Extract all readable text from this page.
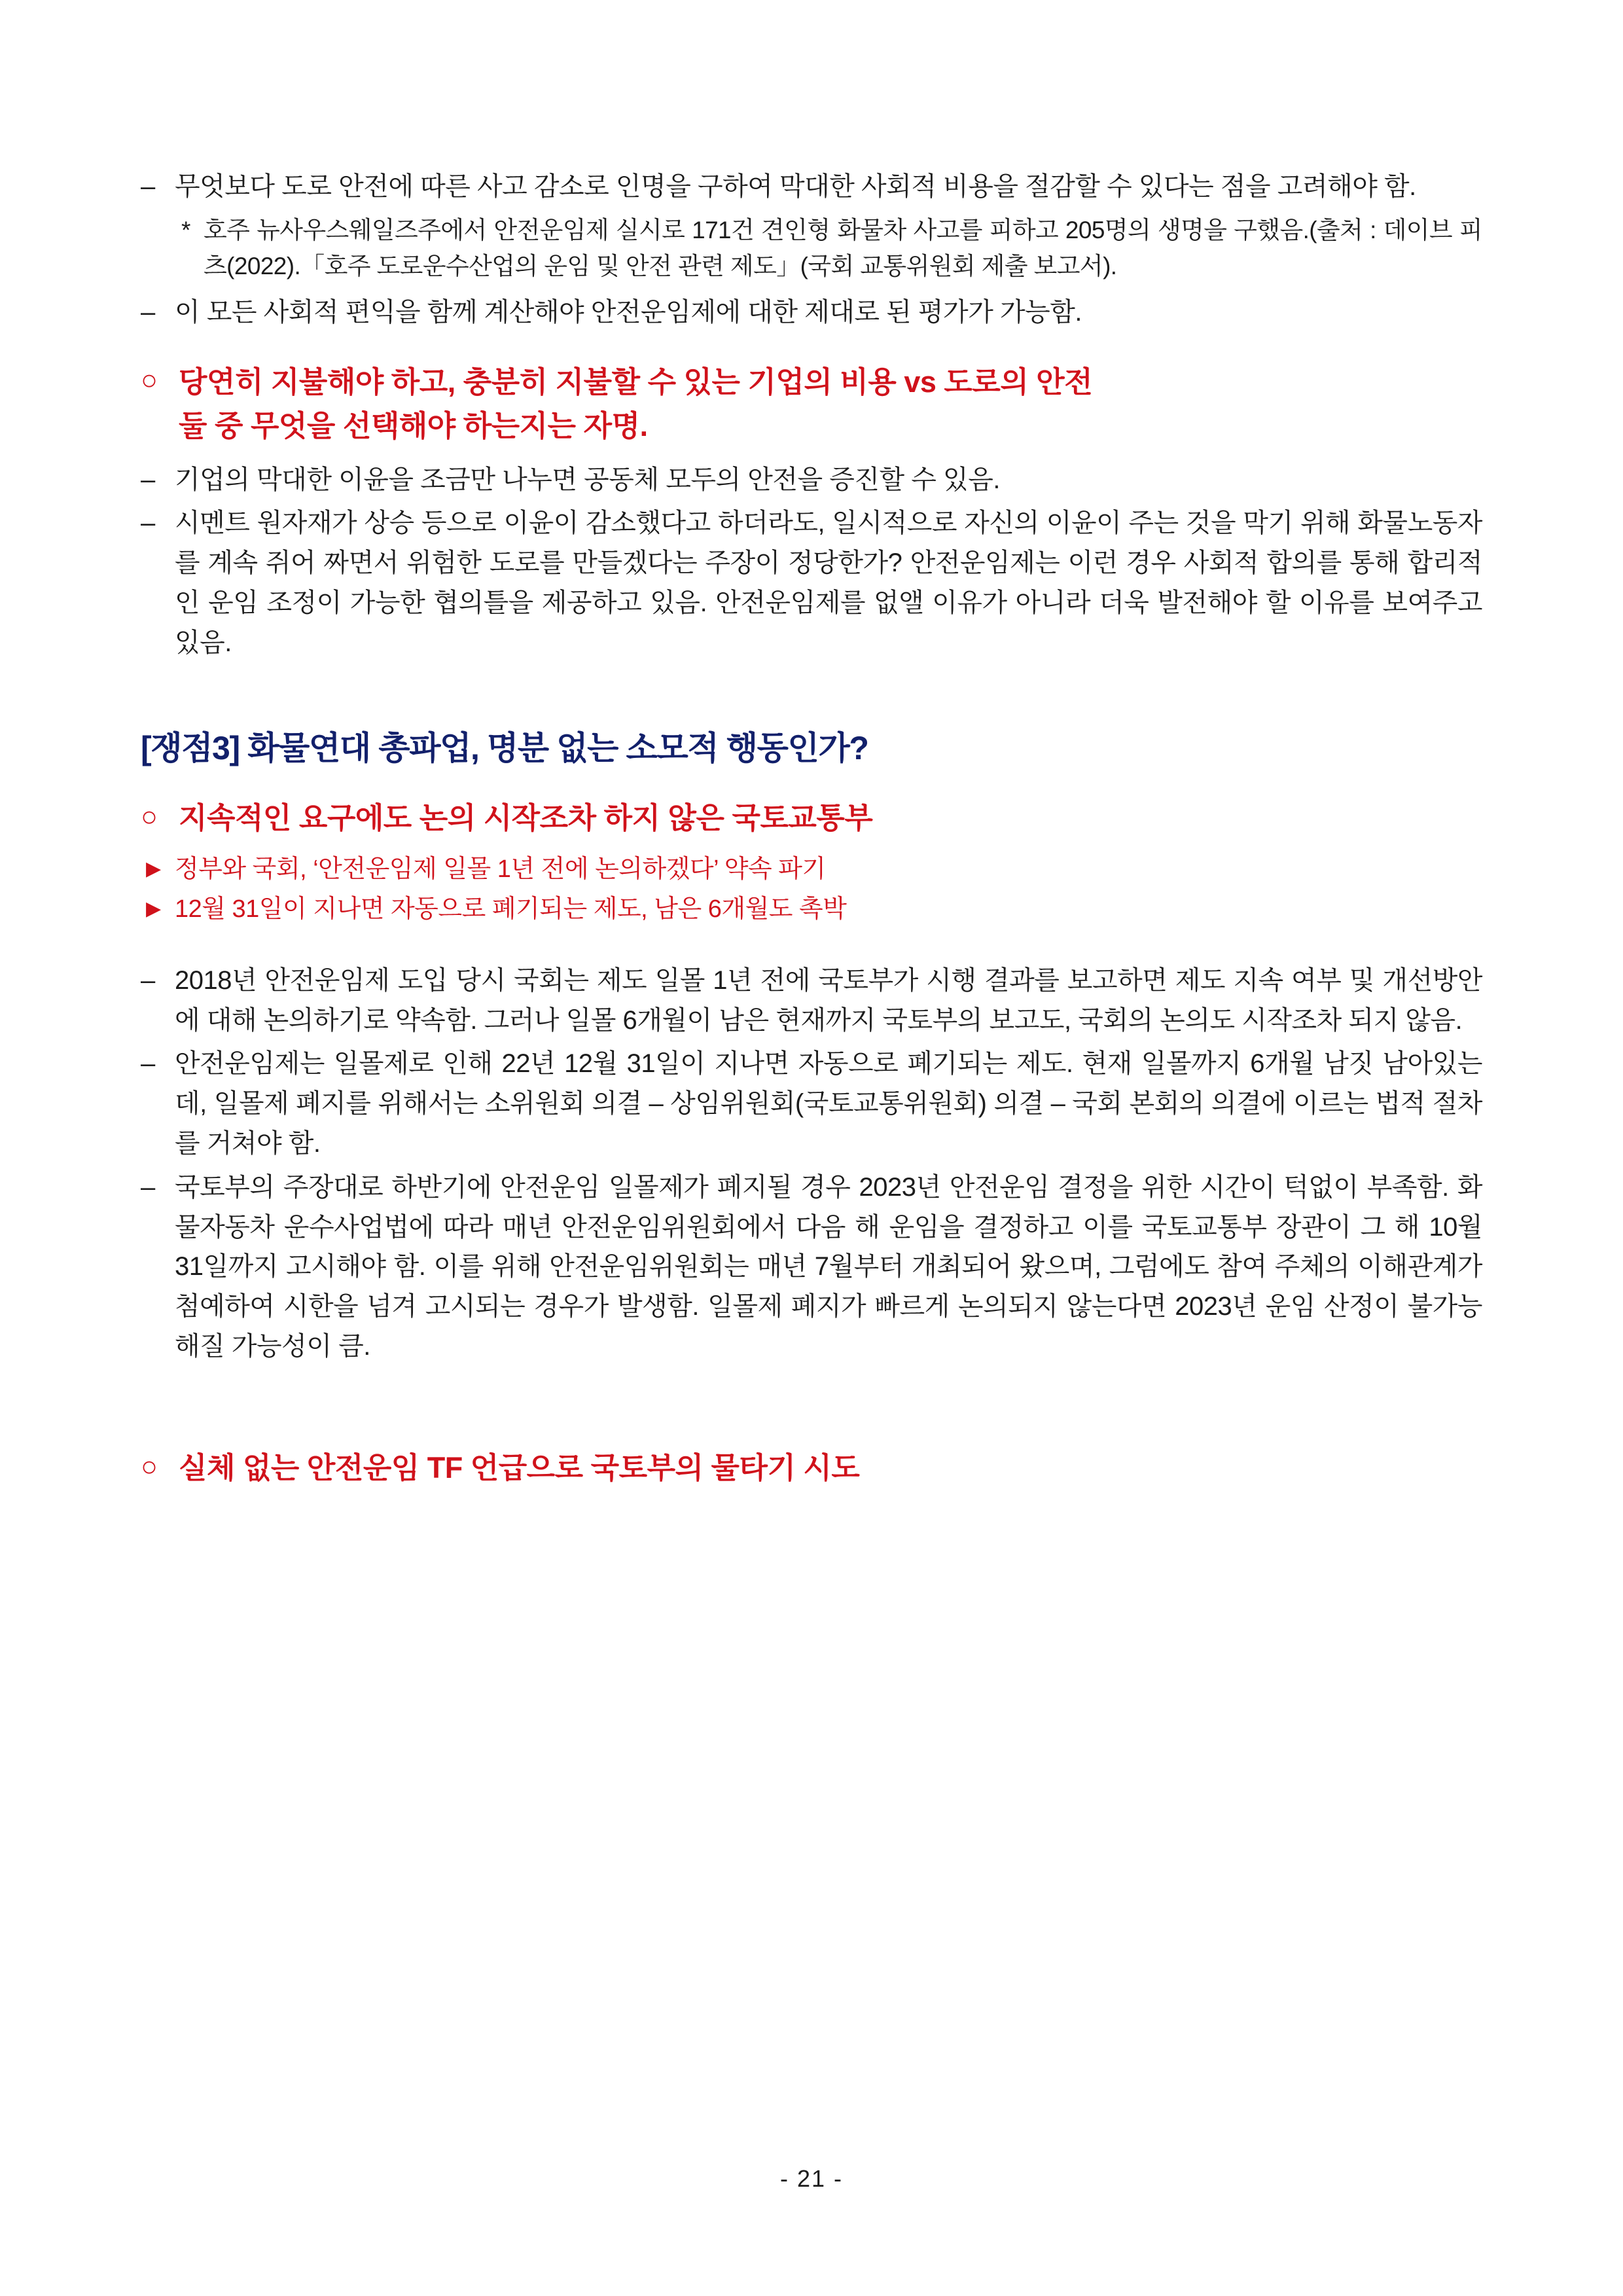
– 무엇보다 도로 안전에 따른 사고 감소로 인명을 구하여 막대한 사회적 비용을 절감할 수 있다는 점을 고려해야 함.
* 호주 뉴사우스웨일즈주에서 안전운임제 실시로 171건 견인형 화물차 사고를 피하고 205명의 생명을 구했음.(출처 : 데이브 피츠(2022).「호주 도로운수산업의 운임 및 안전 관련 제도」(국회 교통위원회 제출 보고서).
– 이 모든 사회적 편익을 함께 계산해야 안전운임제에 대한 제대로 된 평가가 가능함.
○ 당연히 지불해야 하고, 충분히 지불할 수 있는 기업의 비용 vs 도로의 안전
둘 중 무엇을 선택해야 하는지는 자명.
– 기업의 막대한 이윤을 조금만 나누면 공동체 모두의 안전을 증진할 수 있음.
– 시멘트 원자재가 상승 등으로 이윤이 감소했다고 하더라도, 일시적으로 자신의 이윤이 주는 것을 막기 위해 화물노동자를 계속 쥐어 짜면서 위험한 도로를 만들겠다는 주장이 정당한가? 안전운임제는 이런 경우 사회적 합의를 통해 합리적인 운임 조정이 가능한 협의틀을 제공하고 있음. 안전운임제를 없앨 이유가 아니라 더욱 발전해야 할 이유를 보여주고 있음.
[쟁점3] 화물연대 총파업, 명분 없는 소모적 행동인가?
○ 지속적인 요구에도 논의 시작조차 하지 않은 국토교통부
▶ 정부와 국회, ‘안전운임제 일몰 1년 전에 논의하겠다’ 약속 파기
▶ 12월 31일이 지나면 자동으로 폐기되는 제도, 남은 6개월도 촉박
– 2018년 안전운임제 도입 당시 국회는 제도 일몰 1년 전에 국토부가 시행 결과를 보고하면 제도 지속 여부 및 개선방안에 대해 논의하기로 약속함. 그러나 일몰 6개월이 남은 현재까지 국토부의 보고도, 국회의 논의도 시작조차 되지 않음.
– 안전운임제는 일몰제로 인해 22년 12월 31일이 지나면 자동으로 폐기되는 제도. 현재 일몰까지 6개월 남짓 남아있는데, 일몰제 폐지를 위해서는 소위원회 의결 – 상임위원회(국토교통위원회) 의결 – 국회 본회의 의결에 이르는 법적 절차를 거쳐야 함.
– 국토부의 주장대로 하반기에 안전운임 일몰제가 폐지될 경우 2023년 안전운임 결정을 위한 시간이 턱없이 부족함. 화물자동차 운수사업법에 따라 매년 안전운임위원회에서 다음 해 운임을 결정하고 이를 국토교통부 장관이 그 해 10월 31일까지 고시해야 함. 이를 위해 안전운임위원회는 매년 7월부터 개최되어 왔으며, 그럼에도 참여 주체의 이해관계가 첨예하여 시한을 넘겨 고시되는 경우가 발생함. 일몰제 폐지가 빠르게 논의되지 않는다면 2023년 운임 산정이 불가능해질 가능성이 큼.
○ 실체 없는 안전운임 TF 언급으로 국토부의 물타기 시도
- 21 -
